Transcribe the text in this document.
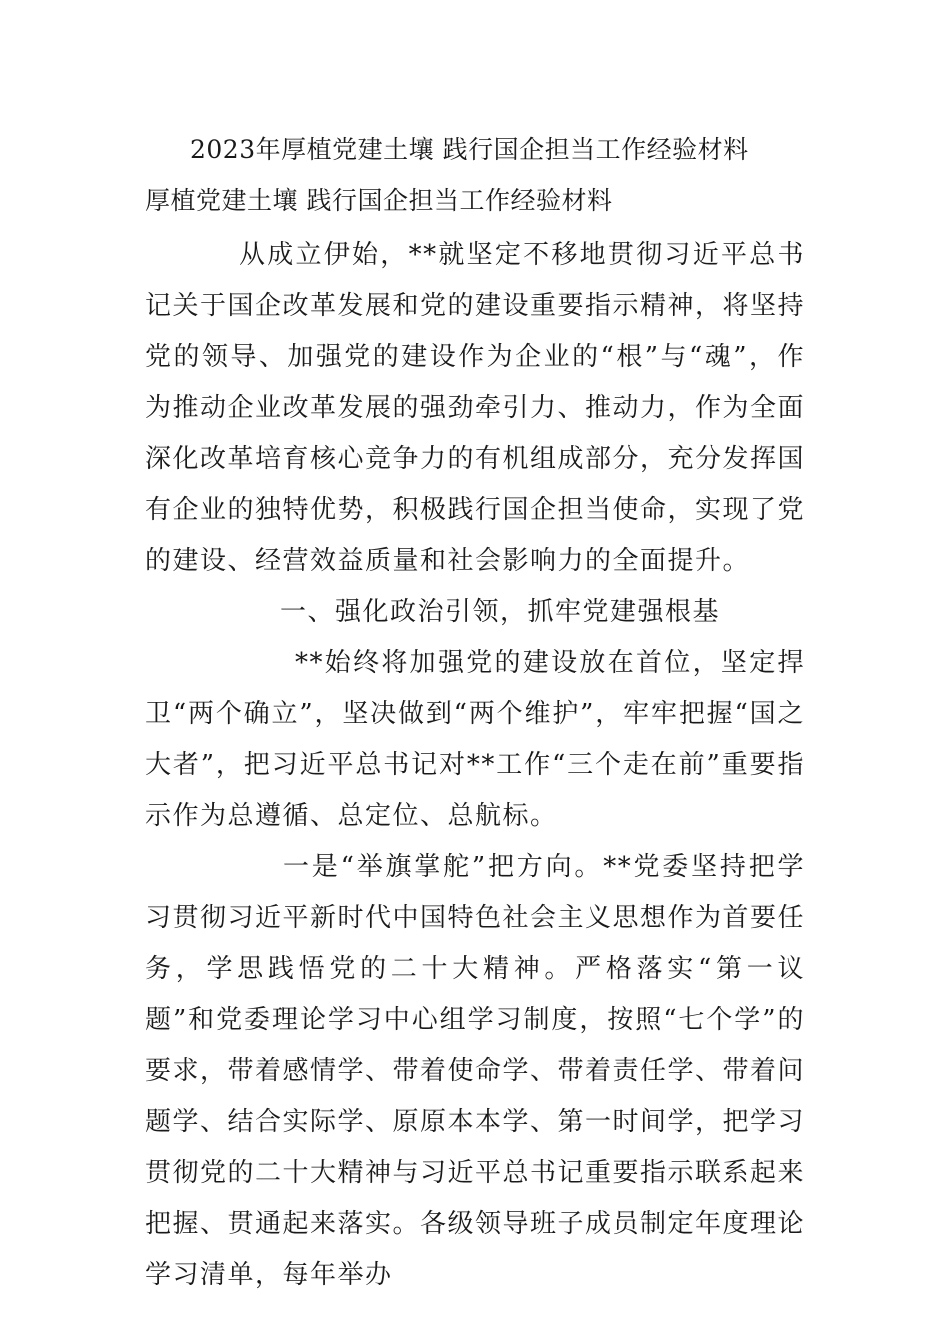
2023年厚植党建土壤 践行国企担当工作经验材料
厚植党建土壤 践行国企担当工作经验材料

从成立伊始，**就坚定不移地贯彻习近平总书记关于国企改革发展和党的建设重要指示精神，将坚持党的领导、加强党的建设作为企业的“根”与“魂”，作为推动企业改革发展的强劲牵引力、推动力，作为全面深化改革培育核心竞争力的有机组成部分，充分发挥国有企业的独特优势，积极践行国企担当使命，实现了党的建设、经营效益质量和社会影响力的全面提升。

一、强化政治引领，抓牢党建强根基

**始终将加强党的建设放在首位，坚定捍卫“两个确立”，坚决做到“两个维护”，牢牢把握“国之大者”，把习近平总书记对**工作“三个走在前”重要指示作为总遵循、总定位、总航标。

一是“举旗掌舵”把方向。**党委坚持把学习贯彻习近平新时代中国特色社会主义思想作为首要任务，学思践悟党的二十大精神。严格落实“第一议题”和党委理论学习中心组学习制度，按照“七个学”的要求，带着感情学、带着使命学、带着责任学、带着问题学、结合实际学、原原本本学、第一时间学，把学习贯彻党的二十大精神与习近平总书记重要指示联系起来把握、贯通起来落实。各级领导班子成员制定年度理论学习清单，每年举办
